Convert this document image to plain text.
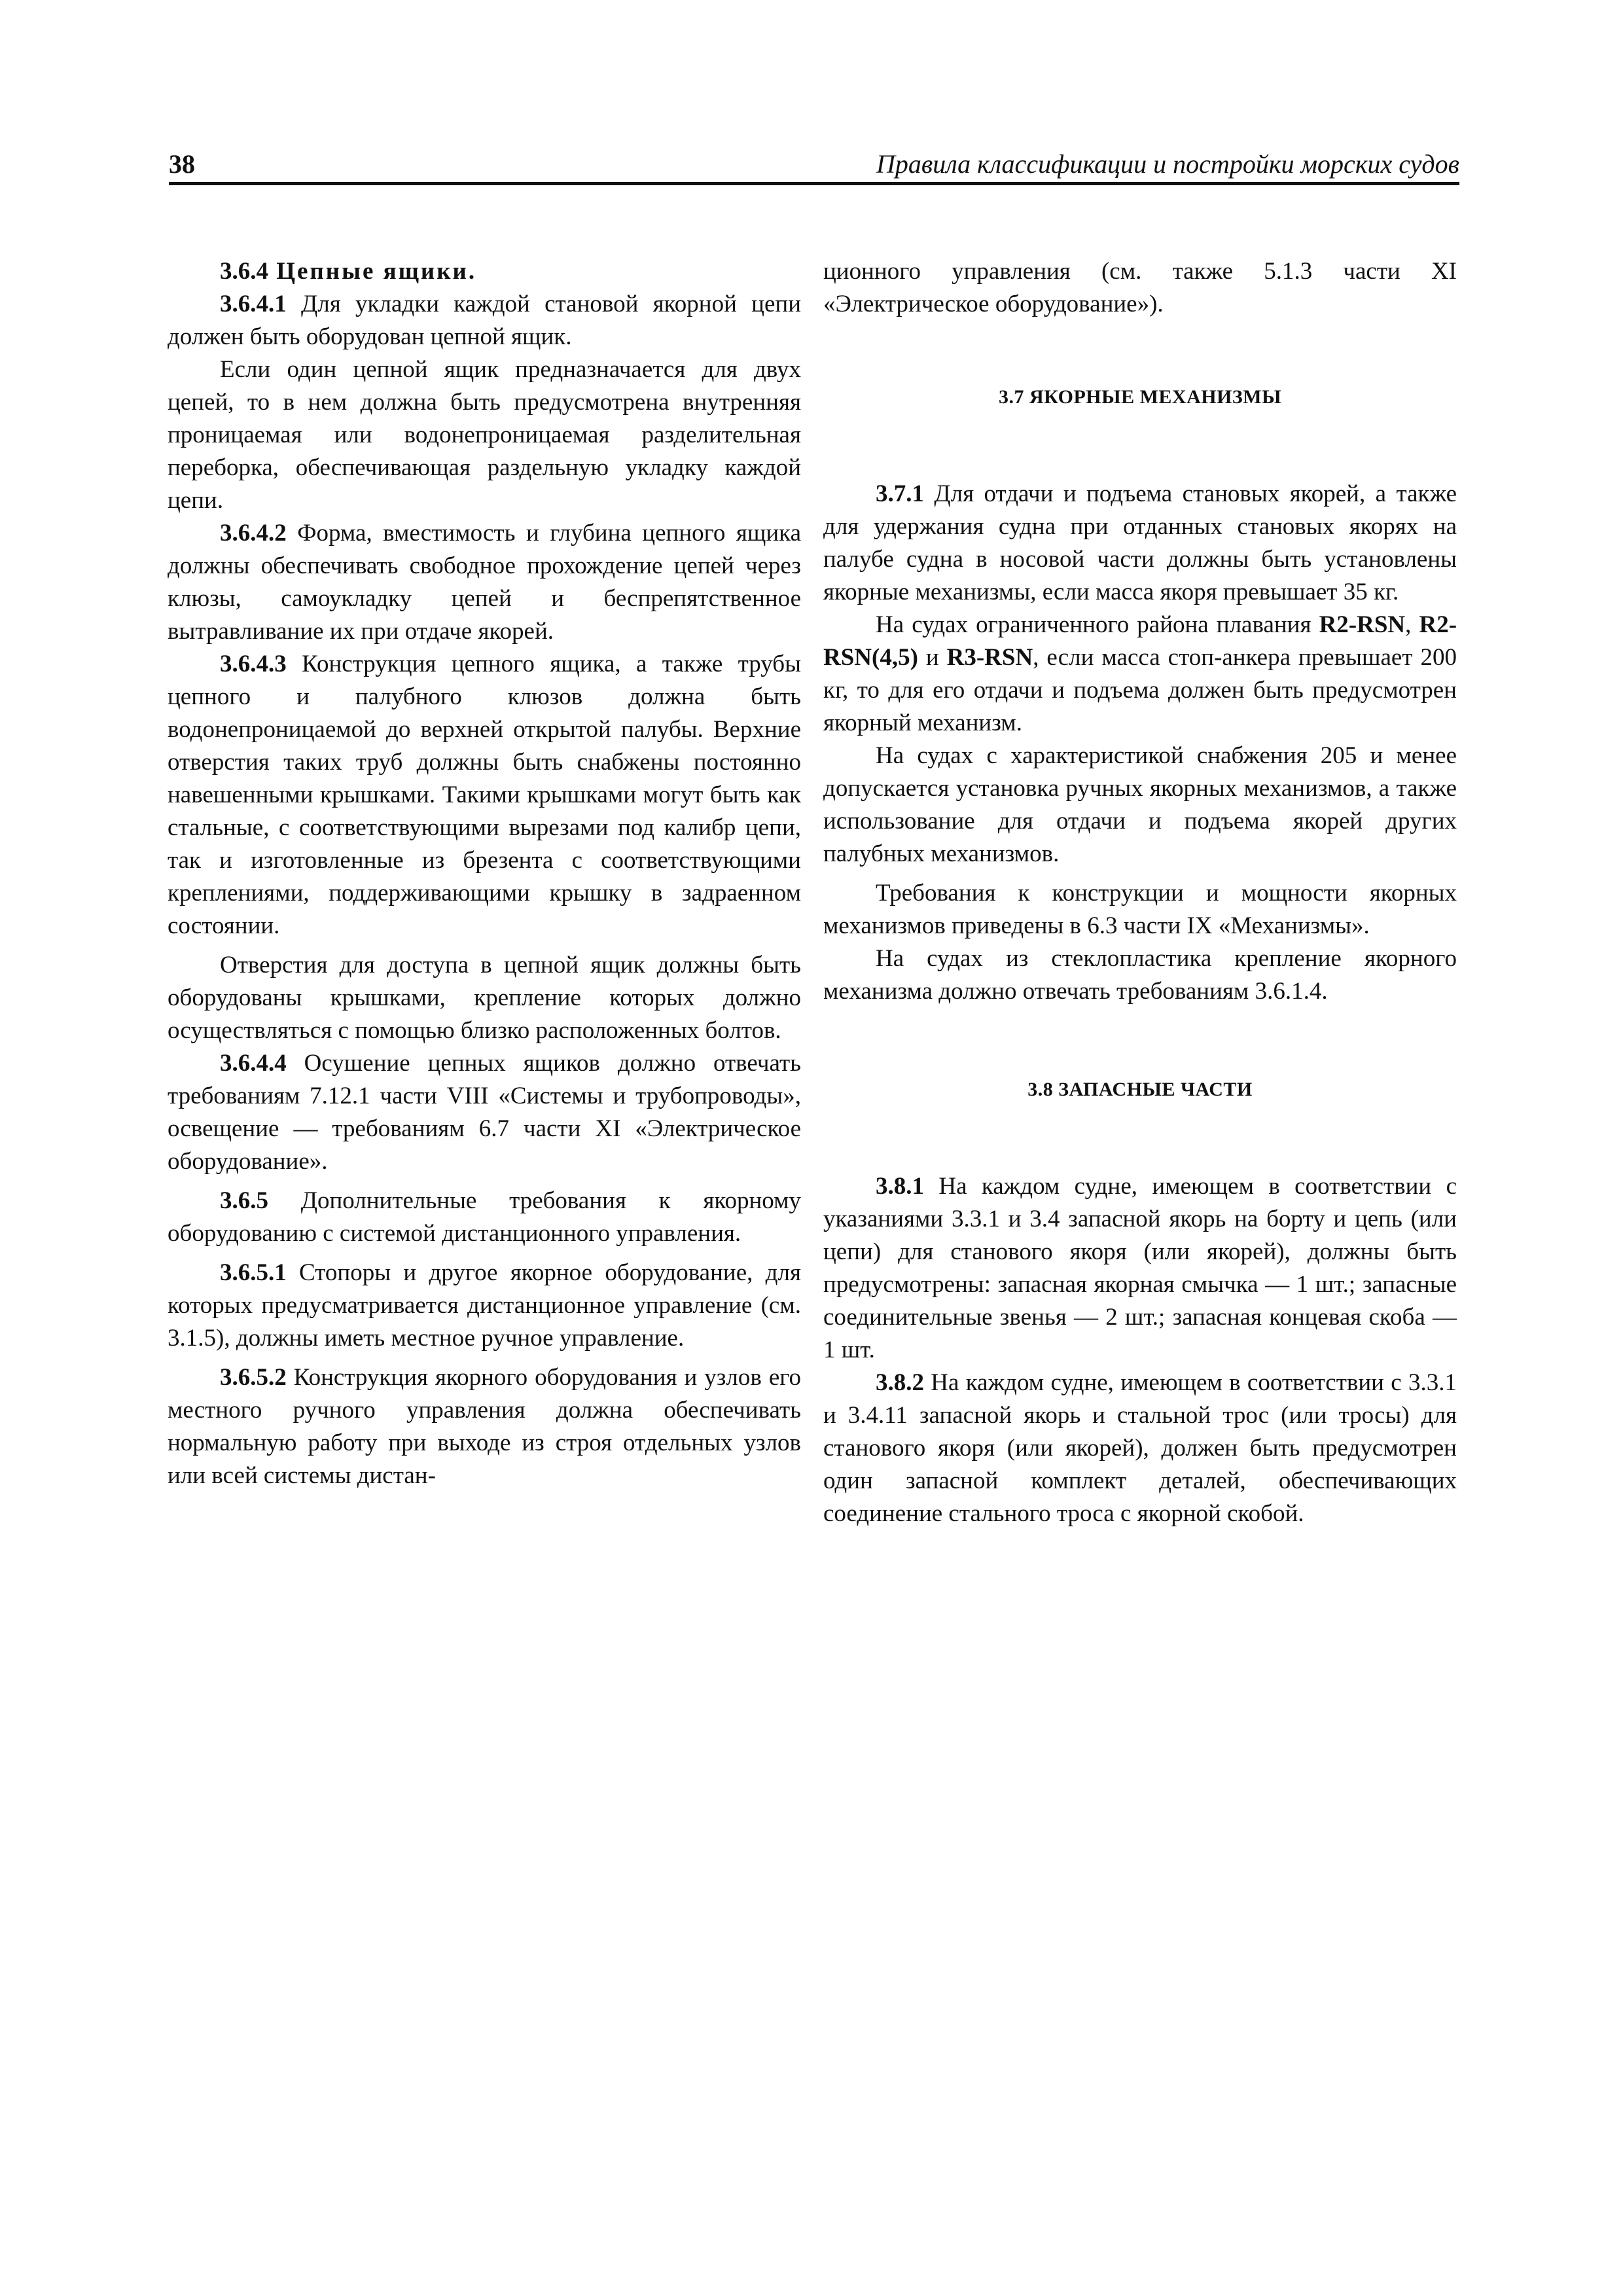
38	Правила классификации и постройки морских судов

3.6.4 Цепные ящики.

3.6.4.1 Для укладки каждой становой якорной цепи должен быть оборудован цепной ящик.

Если один цепной ящик предназначается для двух цепей, то в нем должна быть предусмотрена внутренняя проницаемая или водонепроницаемая разделительная переборка, обеспечивающая раздельную укладку каждой цепи.

3.6.4.2 Форма, вместимость и глубина цепного ящика должны обеспечивать свободное прохождение цепей через клюзы, самоукладку цепей и беспрепятственное вытравливание их при отдаче якорей.

3.6.4.3 Конструкция цепного ящика, а также трубы цепного и палубного клюзов должна быть водонепроницаемой до верхней открытой палубы. Верхние отверстия таких труб должны быть снабжены постоянно навешенными крышками. Такими крышками могут быть как стальные, с соответствующими вырезами под калибр цепи, так и изготовленные из брезента с соответствующими креплениями, поддерживающими крышку в задраенном состоянии.

Отверстия для доступа в цепной ящик должны быть оборудованы крышками, крепление которых должно осуществляться с помощью близко расположенных болтов.

3.6.4.4 Осушение цепных ящиков должно отвечать требованиям 7.12.1 части VIII «Системы и трубопроводы», освещение — требованиям 6.7 части XI «Электрическое оборудование».

3.6.5 Дополнительные требования к якорному оборудованию с системой дистанционного управления.

3.6.5.1 Стопоры и другое якорное оборудование, для которых предусматривается дистанционное управление (см. 3.1.5), должны иметь местное ручное управление.

3.6.5.2 Конструкция якорного оборудования и узлов его местного ручного управления должна обеспечивать нормальную работу при выходе из строя отдельных узлов или всей системы дистан-

ционного управления (см. также 5.1.3 части XI «Электрическое оборудование»).

3.7 ЯКОРНЫЕ МЕХАНИЗМЫ

3.7.1 Для отдачи и подъема становых якорей, а также для удержания судна при отданных становых якорях на палубе судна в носовой части должны быть установлены якорные механизмы, если масса якоря превышает 35 кг.

На судах ограниченного района плавания R2-RSN, R2-RSN(4,5) и R3-RSN, если масса стоп-анкера превышает 200 кг, то для его отдачи и подъема должен быть предусмотрен якорный механизм.

На судах с характеристикой снабжения 205 и менее допускается установка ручных якорных механизмов, а также использование для отдачи и подъема якорей других палубных механизмов.

Требования к конструкции и мощности якорных механизмов приведены в 6.3 части IX «Механизмы».

На судах из стеклопластика крепление якорного механизма должно отвечать требованиям 3.6.1.4.

3.8 ЗАПАСНЫЕ ЧАСТИ

3.8.1 На каждом судне, имеющем в соответствии с указаниями 3.3.1 и 3.4 запасной якорь на борту и цепь (или цепи) для станового якоря (или якорей), должны быть предусмотрены: запасная якорная смычка — 1 шт.; запасные соединительные звенья — 2 шт.; запасная концевая скоба — 1 шт.

3.8.2 На каждом судне, имеющем в соответствии с 3.3.1 и 3.4.11 запасной якорь и стальной трос (или тросы) для станового якоря (или якорей), должен быть предусмотрен один запасной комплект деталей, обеспечивающих соединение стального троса с якорной скобой.
